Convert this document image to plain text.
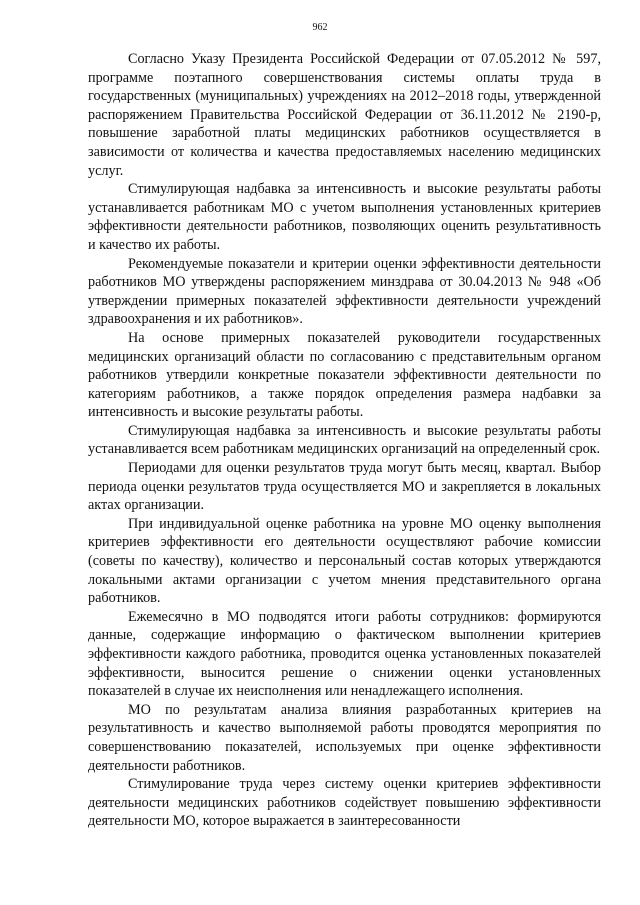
962

Согласно Указу Президента Российской Федерации от 07.05.2012 № 597, программе поэтапного совершенствования системы оплаты труда в государственных (муниципальных) учреждениях на 2012–2018 годы, утвержденной распоряжением Правительства Российской Федерации от 36.11.2012 № 2190-р, повышение заработной платы медицинских работников осуществляется в зависимости от количества и качества предоставляемых населению медицинских услуг.

Стимулирующая надбавка за интенсивность и высокие результаты работы устанавливается работникам МО с учетом выполнения установленных критериев эффективности деятельности работников, позволяющих оценить результативность и качество их работы.

Рекомендуемые показатели и критерии оценки эффективности деятельности работников МО утверждены распоряжением минздрава от 30.04.2013 № 948 «Об утверждении примерных показателей эффективности деятельности учреждений здравоохранения и их работников».

На основе примерных показателей руководители государственных медицинских организаций области по согласованию с представительным органом работников утвердили конкретные показатели эффективности деятельности по категориям работников, а также порядок определения размера надбавки за интенсивность и высокие результаты работы.

Стимулирующая надбавка за интенсивность и высокие результаты работы устанавливается всем работникам медицинских организаций на определенный срок.

Периодами для оценки результатов труда могут быть месяц, квартал. Выбор периода оценки результатов труда осуществляется МО и закрепляется в локальных актах организации.

При индивидуальной оценке работника на уровне МО оценку выполнения критериев эффективности его деятельности осуществляют рабочие комиссии (советы по качеству), количество и персональный состав которых утверждаются локальными актами организации с учетом мнения представительного органа работников.

Ежемесячно в МО подводятся итоги работы сотрудников: формируются данные, содержащие информацию о фактическом выполнении критериев эффективности каждого работника, проводится оценка установленных показателей эффективности, выносится решение о снижении оценки установленных показателей в случае их неисполнения или ненадлежащего исполнения.

МО по результатам анализа влияния разработанных критериев на результативность и качество выполняемой работы проводятся мероприятия по совершенствованию показателей, используемых при оценке эффективности деятельности работников.

Стимулирование труда через систему оценки критериев эффективности деятельности медицинских работников содействует повышению эффективности деятельности МО, которое выражается в заинтересованности
